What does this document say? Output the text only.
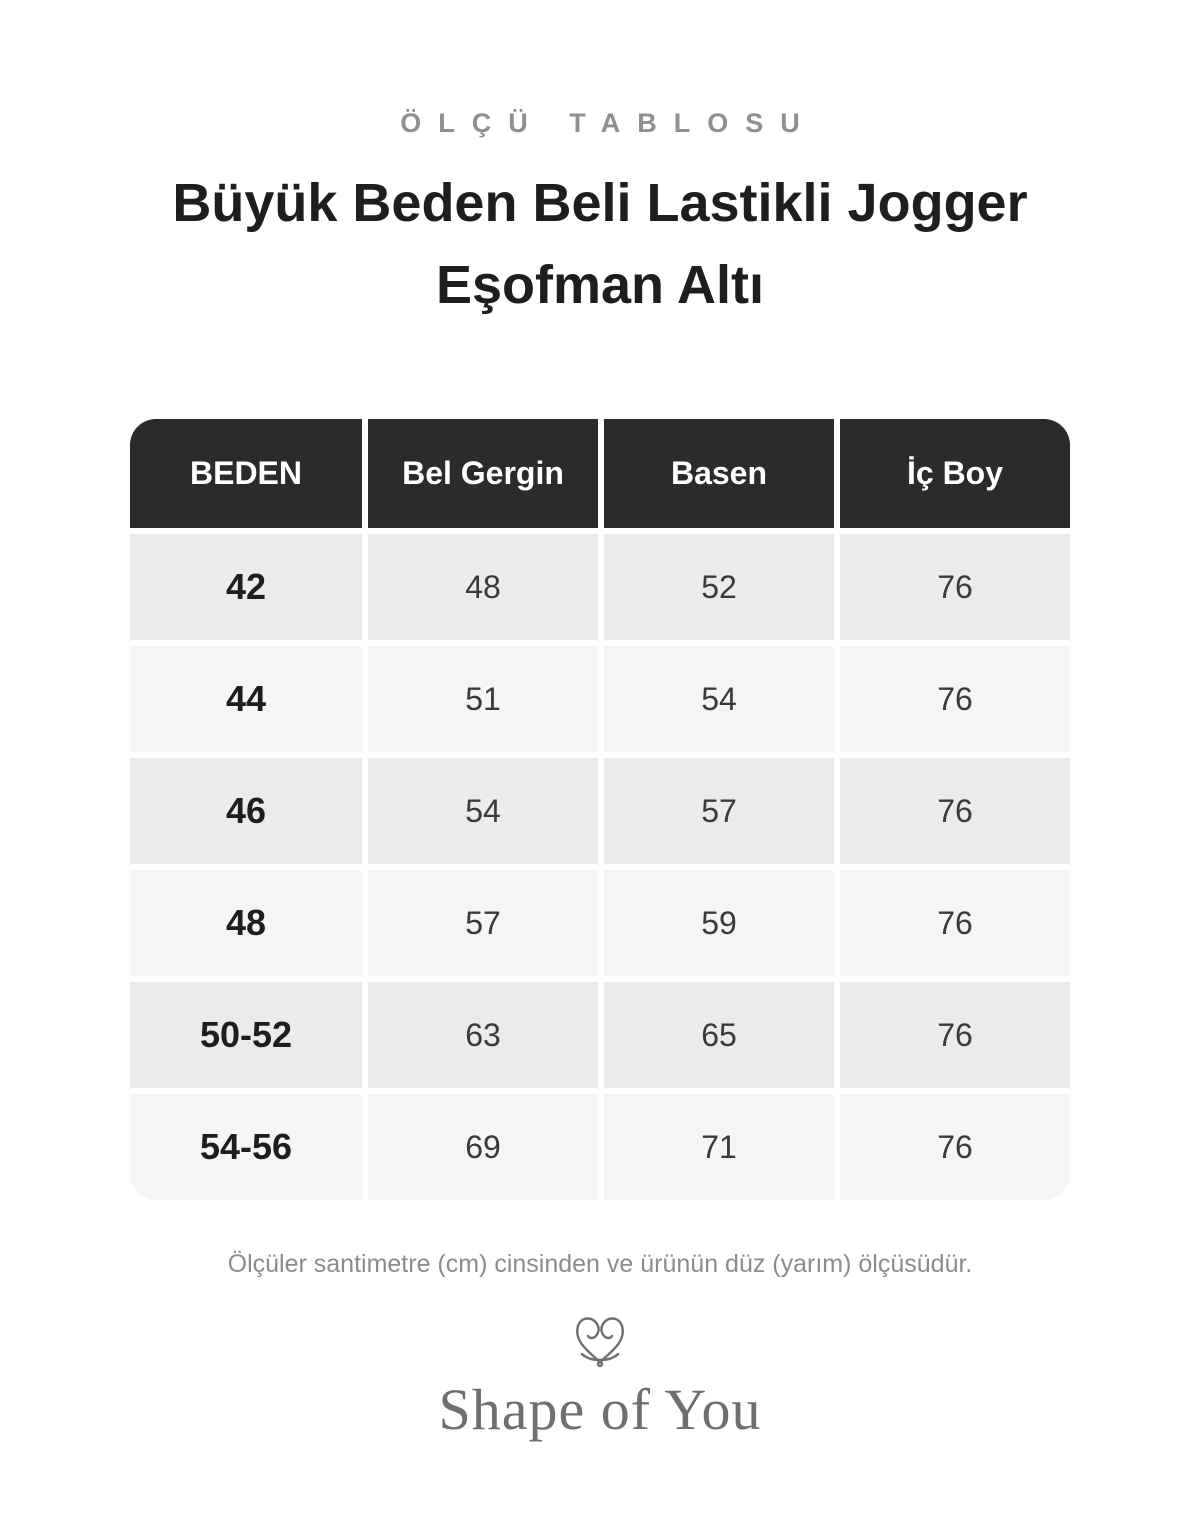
ÖLÇÜ TABLOSU
Büyük Beden Beli Lastikli Jogger
Eşofman Altı
BEDEN	Bel Gergin	Basen	İç Boy
42	48	52	76
44	51	54	76
46	54	57	76
48	57	59	76
50-52	63	65	76
54-56	69	71	76
Ölçüler santimetre (cm) cinsinden ve ürünün düz (yarım) ölçüsüdür.
Shape of You
